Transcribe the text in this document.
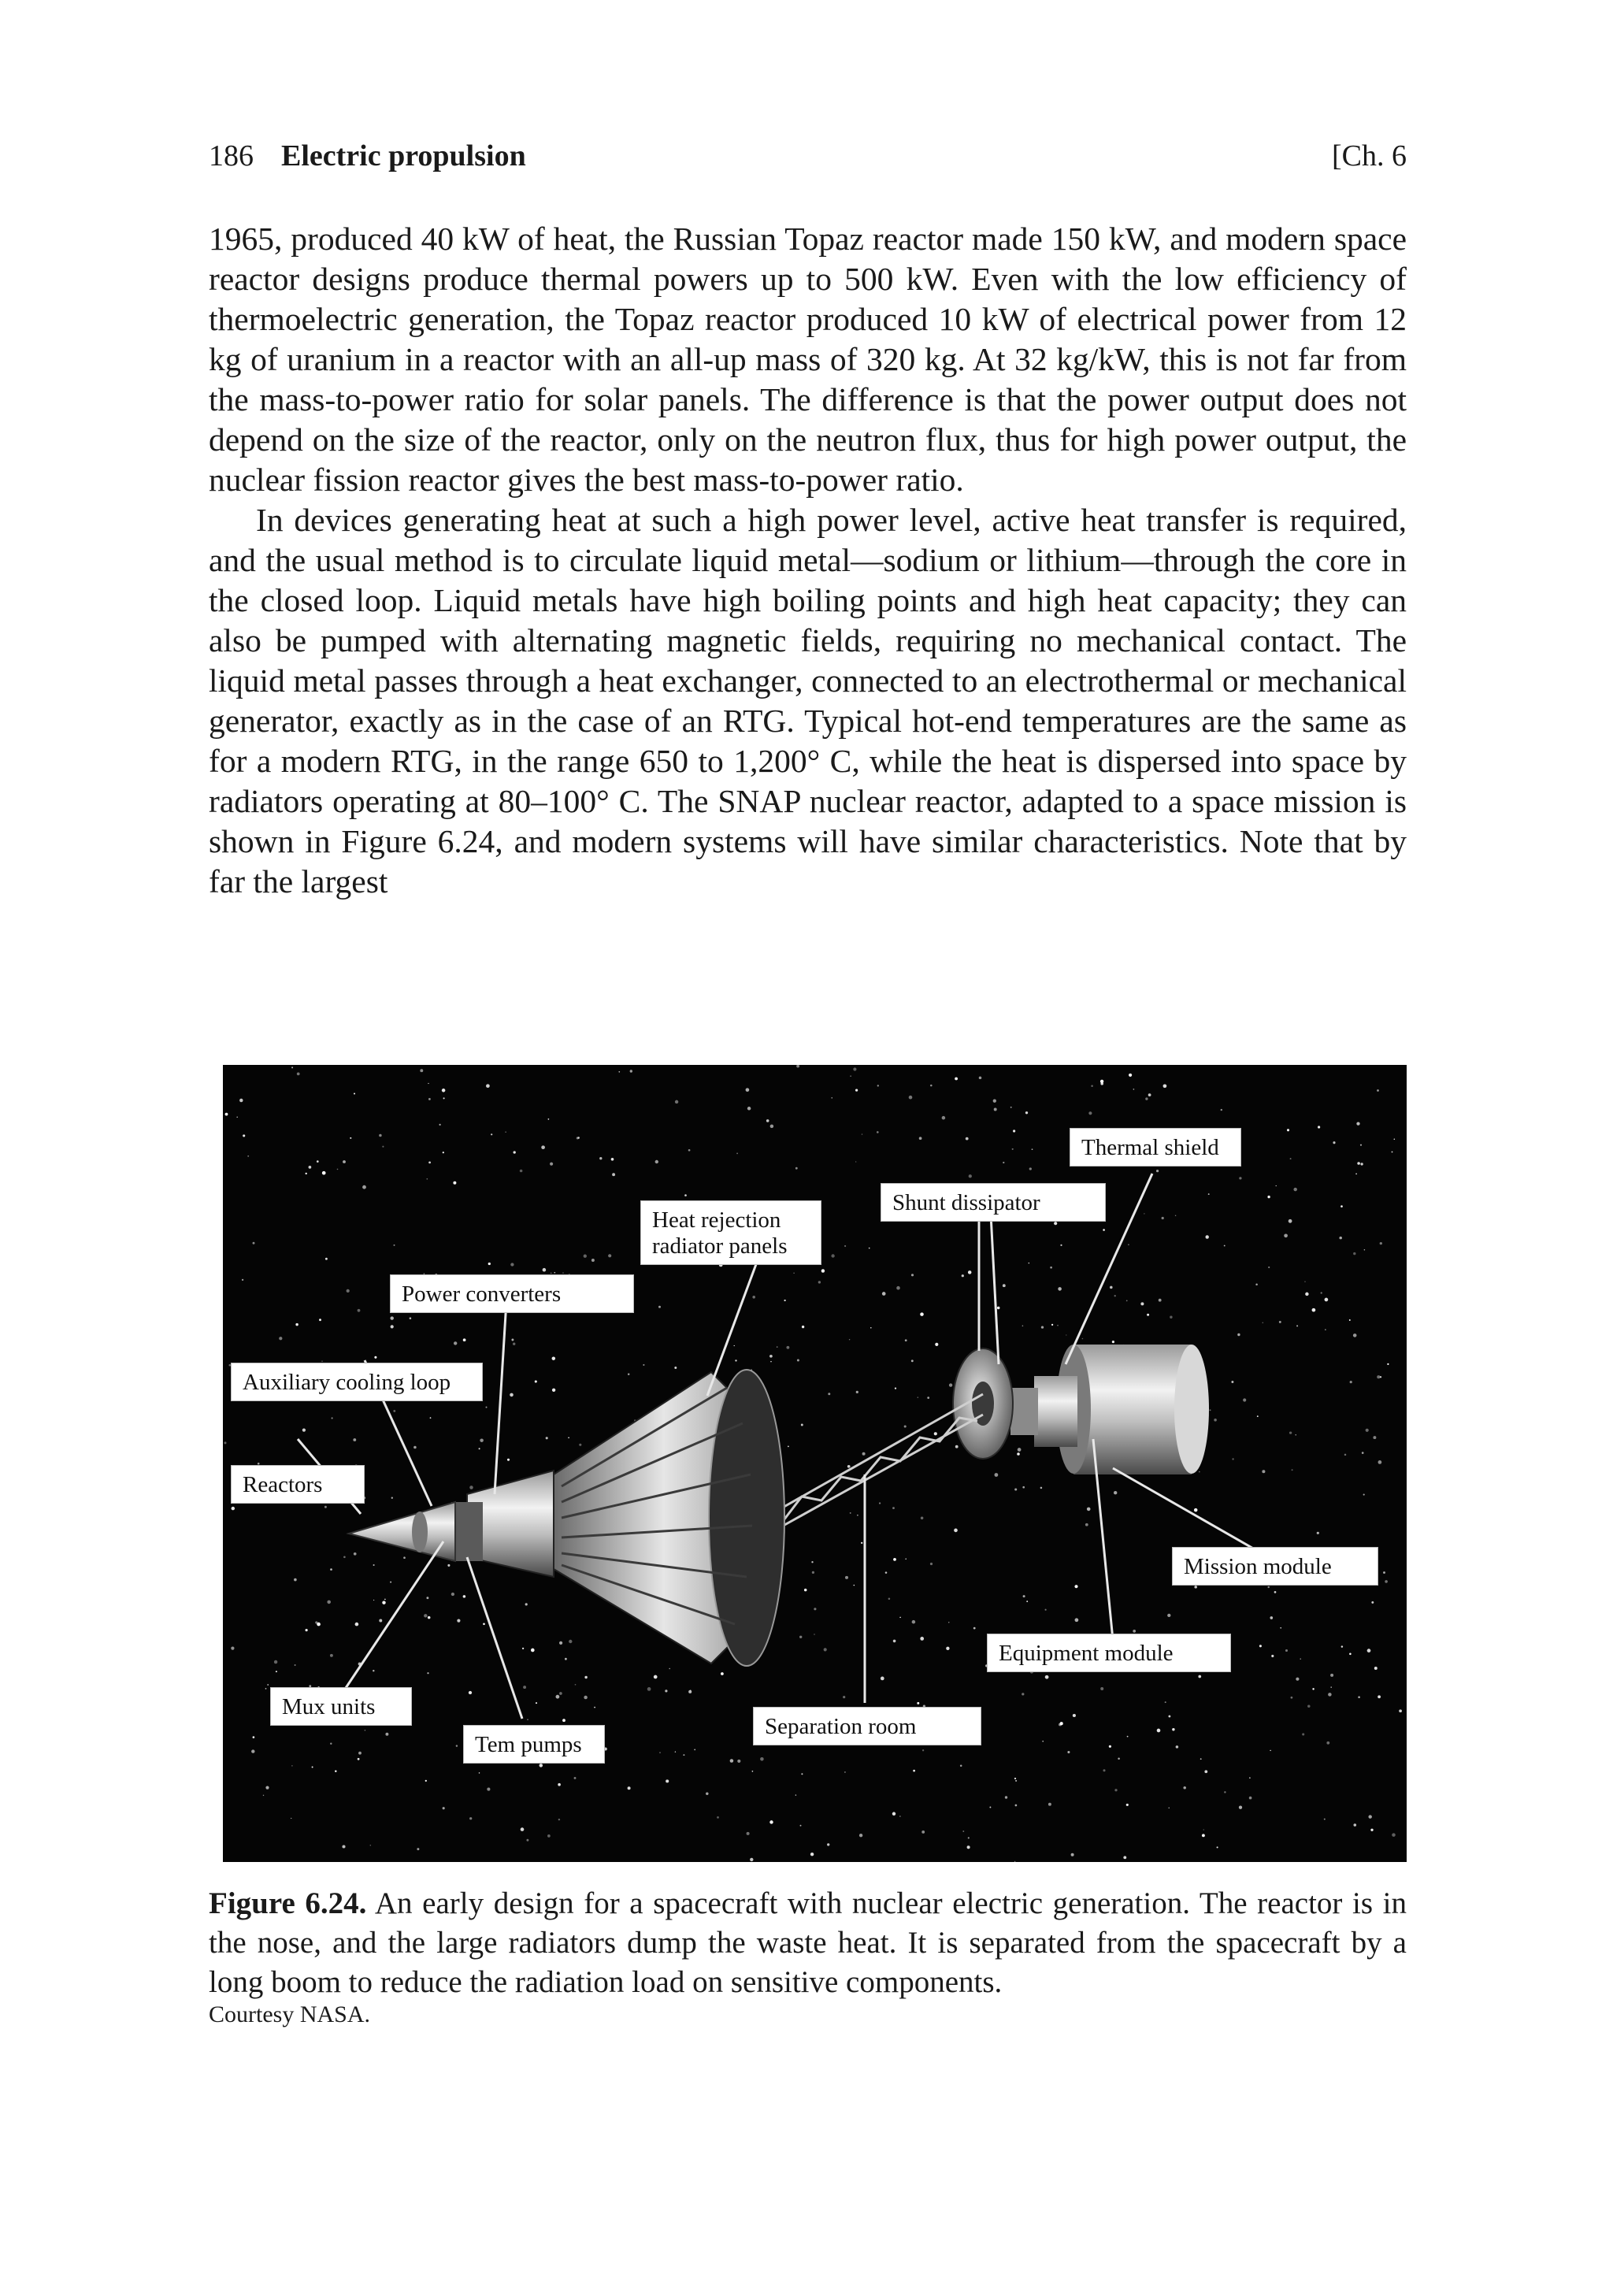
186 Electric propulsion	[Ch. 6

1965, produced 40 kW of heat, the Russian Topaz reactor made 150 kW, and modern space reactor designs produce thermal powers up to 500 kW. Even with the low efficiency of thermoelectric generation, the Topaz reactor produced 10 kW of electrical power from 12 kg of uranium in a reactor with an all-up mass of 320 kg. At 32 kg/kW, this is not far from the mass-to-power ratio for solar panels. The difference is that the power output does not depend on the size of the reactor, only on the neutron flux, thus for high power output, the nuclear fission reactor gives the best mass-to-power ratio.

In devices generating heat at such a high power level, active heat transfer is required, and the usual method is to circulate liquid metal—sodium or lithium—through the core in the closed loop. Liquid metals have high boiling points and high heat capacity; they can also be pumped with alternating magnetic fields, requiring no mechanical contact. The liquid metal passes through a heat exchanger, connected to an electrothermal or mechanical generator, exactly as in the case of an RTG. Typical hot-end temperatures are the same as for a modern RTG, in the range 650 to 1,200° C, while the heat is dispersed into space by radiators operating at 80–100° C. The SNAP nuclear reactor, adapted to a space mission is shown in Figure 6.24, and modern systems will have similar characteristics. Note that by far the largest

Thermal shield
Shunt dissipator
Heat rejection radiator panels
Power converters
Auxiliary cooling loop
Reactors
Mission module
Equipment module
Mux units
Tem pumps
Separation room
Figure 6.24. An early design for a spacecraft with nuclear electric generation. The reactor is in the nose, and the large radiators dump the waste heat. It is separated from the spacecraft by a long boom to reduce the radiation load on sensitive components.
Courtesy NASA.
